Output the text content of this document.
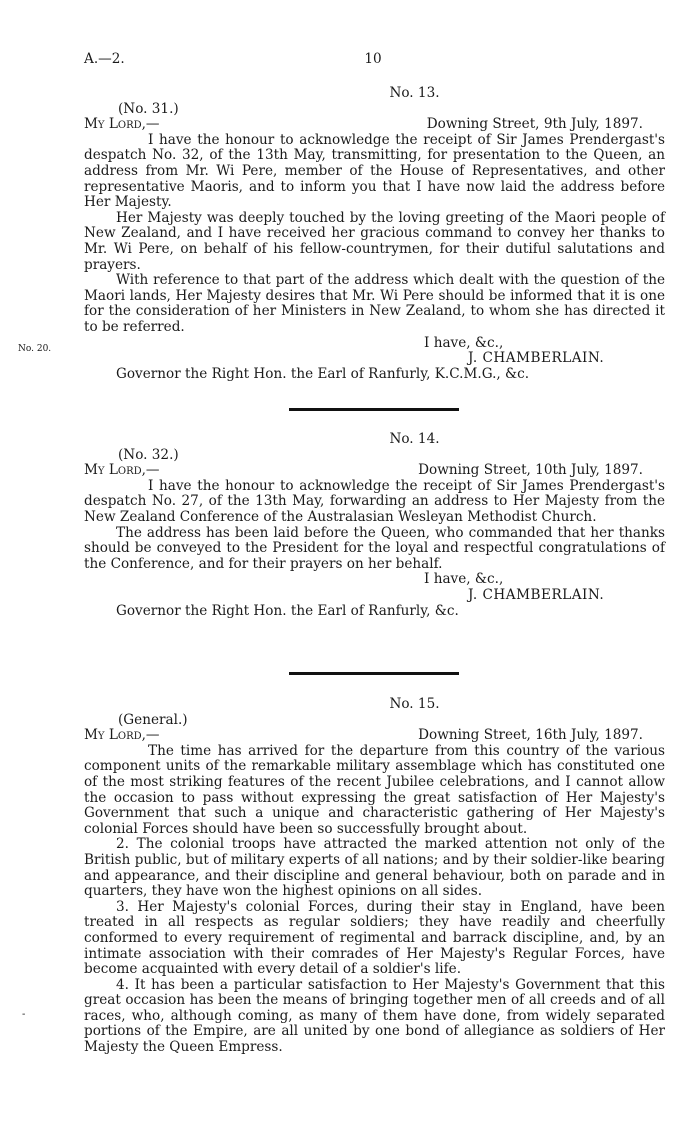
A.—2.	10
No. 20.
-
No. 13.
(No. 31.)
My Lord,—	Downing Street, 9th July, 1897.

I have the honour to acknowledge the receipt of Sir James Prendergast's despatch No. 32, of the 13th May, transmitting, for presentation to the Queen, an address from Mr. Wi Pere, member of the House of Representatives, and other representative Maoris, and to inform you that I have now laid the address before Her Majesty.

Her Majesty was deeply touched by the loving greeting of the Maori people of New Zealand, and I have received her gracious command to convey her thanks to Mr. Wi Pere, on behalf of his fellow-countrymen, for their dutiful salutations and prayers.

With reference to that part of the address which dealt with the question of the Maori lands, Her Majesty desires that Mr. Wi Pere should be informed that it is one for the consideration of her Ministers in New Zealand, to whom she has directed it to be referred.

I have, &c.,
J. CHAMBERLAIN.
Governor the Right Hon. the Earl of Ranfurly, K.C.M.G., &c.
No. 14.
(No. 32.)
My Lord,—	Downing Street, 10th July, 1897.

I have the honour to acknowledge the receipt of Sir James Prendergast's despatch No. 27, of the 13th May, forwarding an address to Her Majesty from the New Zealand Conference of the Australasian Wesleyan Methodist Church.

The address has been laid before the Queen, who commanded that her thanks should be conveyed to the President for the loyal and respectful congratulations of the Conference, and for their prayers on her behalf.

I have, &c.,
J. CHAMBERLAIN.
Governor the Right Hon. the Earl of Ranfurly, &c.
No. 15.
(General.)
My Lord,—	Downing Street, 16th July, 1897.

The time has arrived for the departure from this country of the various component units of the remarkable military assemblage which has constituted one of the most striking features of the recent Jubilee celebrations, and I cannot allow the occasion to pass without expressing the great satisfaction of Her Majesty's Government that such a unique and characteristic gathering of Her Majesty's colonial Forces should have been so successfully brought about.

2. The colonial troops have attracted the marked attention not only of the British public, but of military experts of all nations; and by their soldier-like bearing and appearance, and their discipline and general behaviour, both on parade and in quarters, they have won the highest opinions on all sides.

3. Her Majesty's colonial Forces, during their stay in England, have been treated in all respects as regular soldiers; they have readily and cheerfully conformed to every requirement of regimental and barrack discipline, and, by an intimate association with their comrades of Her Majesty's Regular Forces, have become acquainted with every detail of a soldier's life.

4. It has been a particular satisfaction to Her Majesty's Government that this great occasion has been the means of bringing together men of all creeds and of all races, who, although coming, as many of them have done, from widely separated portions of the Empire, are all united by one bond of allegiance as soldiers of Her Majesty the Queen Empress.
